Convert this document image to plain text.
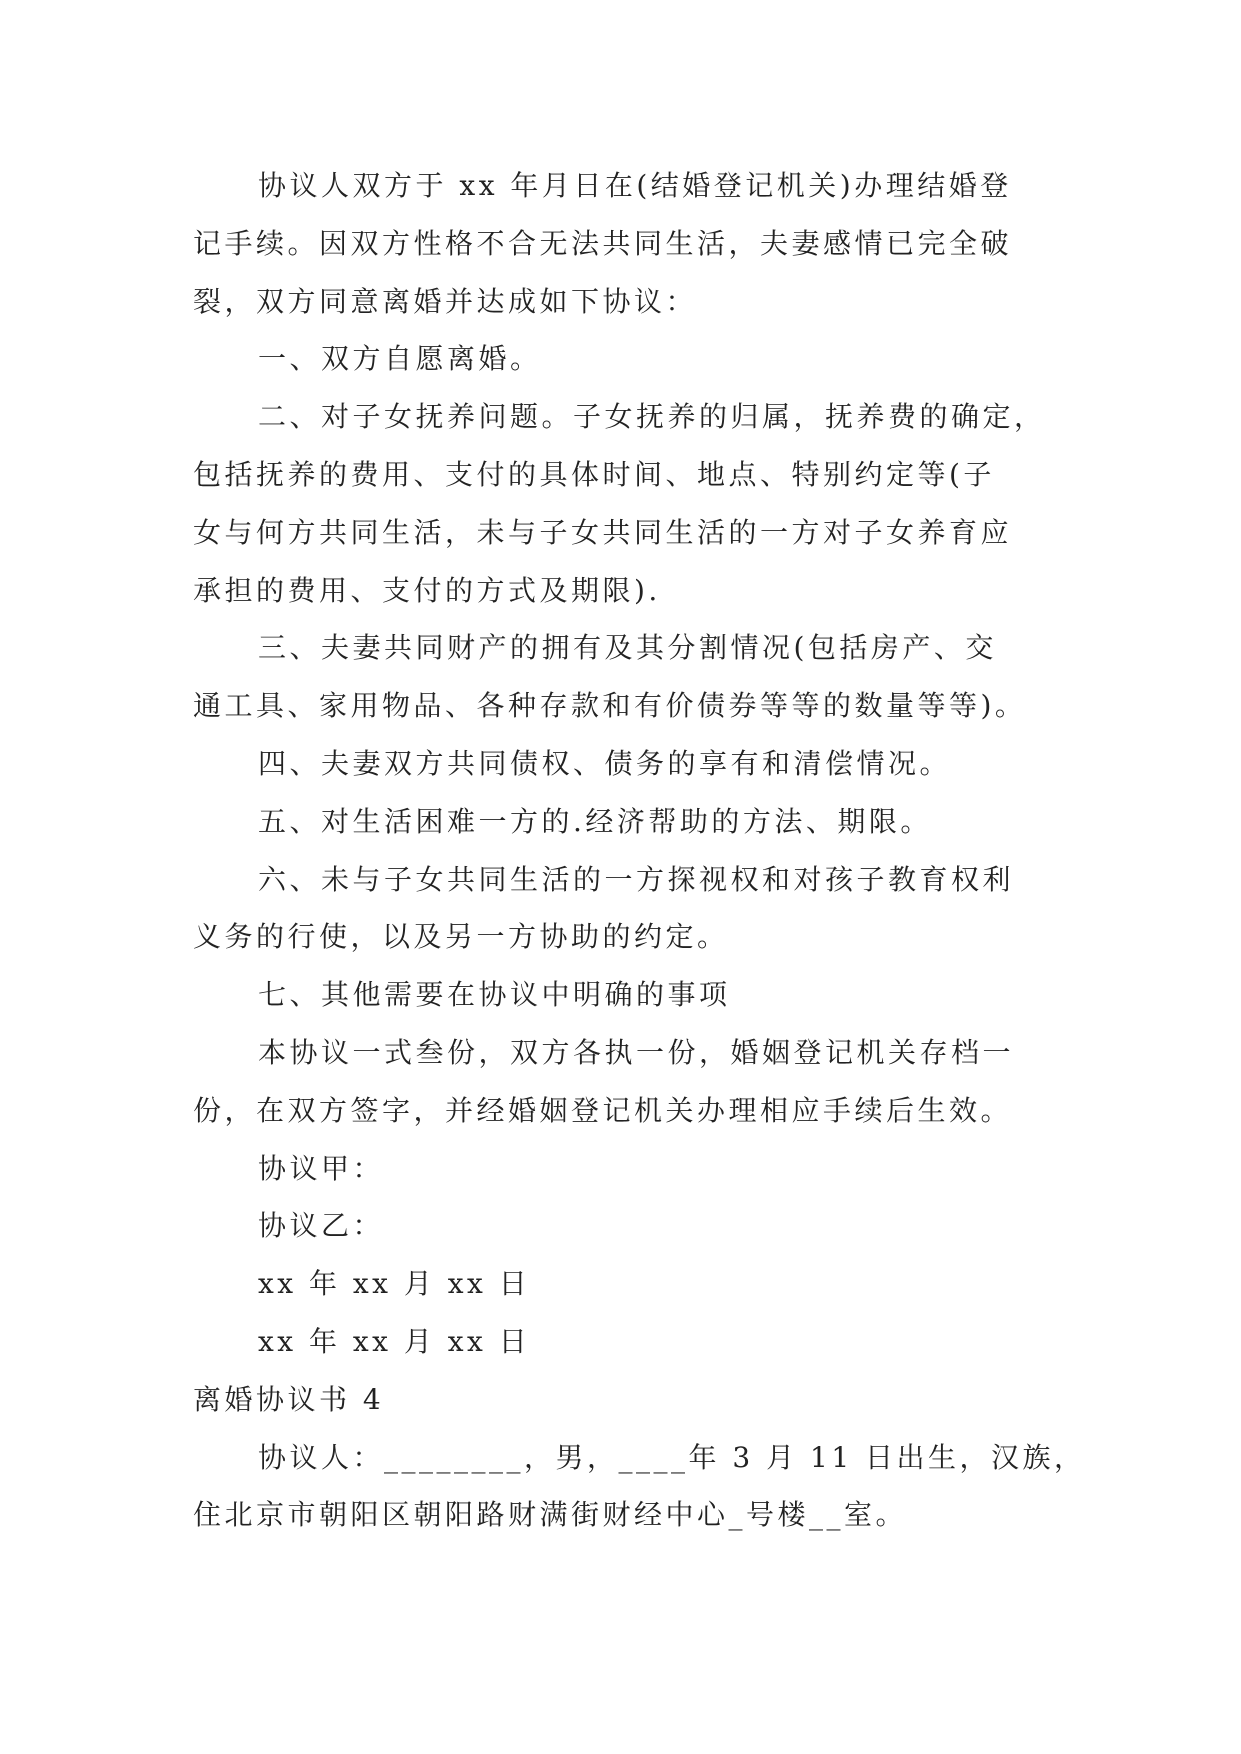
协议人双方于 xx 年月日在(结婚登记机关)办理结婚登
记手续。因双方性格不合无法共同生活，夫妻感情已完全破
裂，双方同意离婚并达成如下协议：
一、双方自愿离婚。
二、对子女抚养问题。子女抚养的归属，抚养费的确定，
包括抚养的费用、支付的具体时间、地点、特别约定等(子
女与何方共同生活，未与子女共同生活的一方对子女养育应
承担的费用、支付的方式及期限).
三、夫妻共同财产的拥有及其分割情况(包括房产、交
通工具、家用物品、各种存款和有价债券等等的数量等等)。
四、夫妻双方共同债权、债务的享有和清偿情况。
五、对生活困难一方的.经济帮助的方法、期限。
六、未与子女共同生活的一方探视权和对孩子教育权利
义务的行使，以及另一方协助的约定。
七、其他需要在协议中明确的事项
本协议一式叁份，双方各执一份，婚姻登记机关存档一
份，在双方签字，并经婚姻登记机关办理相应手续后生效。
协议甲：
协议乙：
xx 年 xx 月 xx 日
xx 年 xx 月 xx 日
离婚协议书 4
协议人：________，男，____年 3 月 11 日出生，汉族，
住北京市朝阳区朝阳路财满街财经中心_号楼__室。
